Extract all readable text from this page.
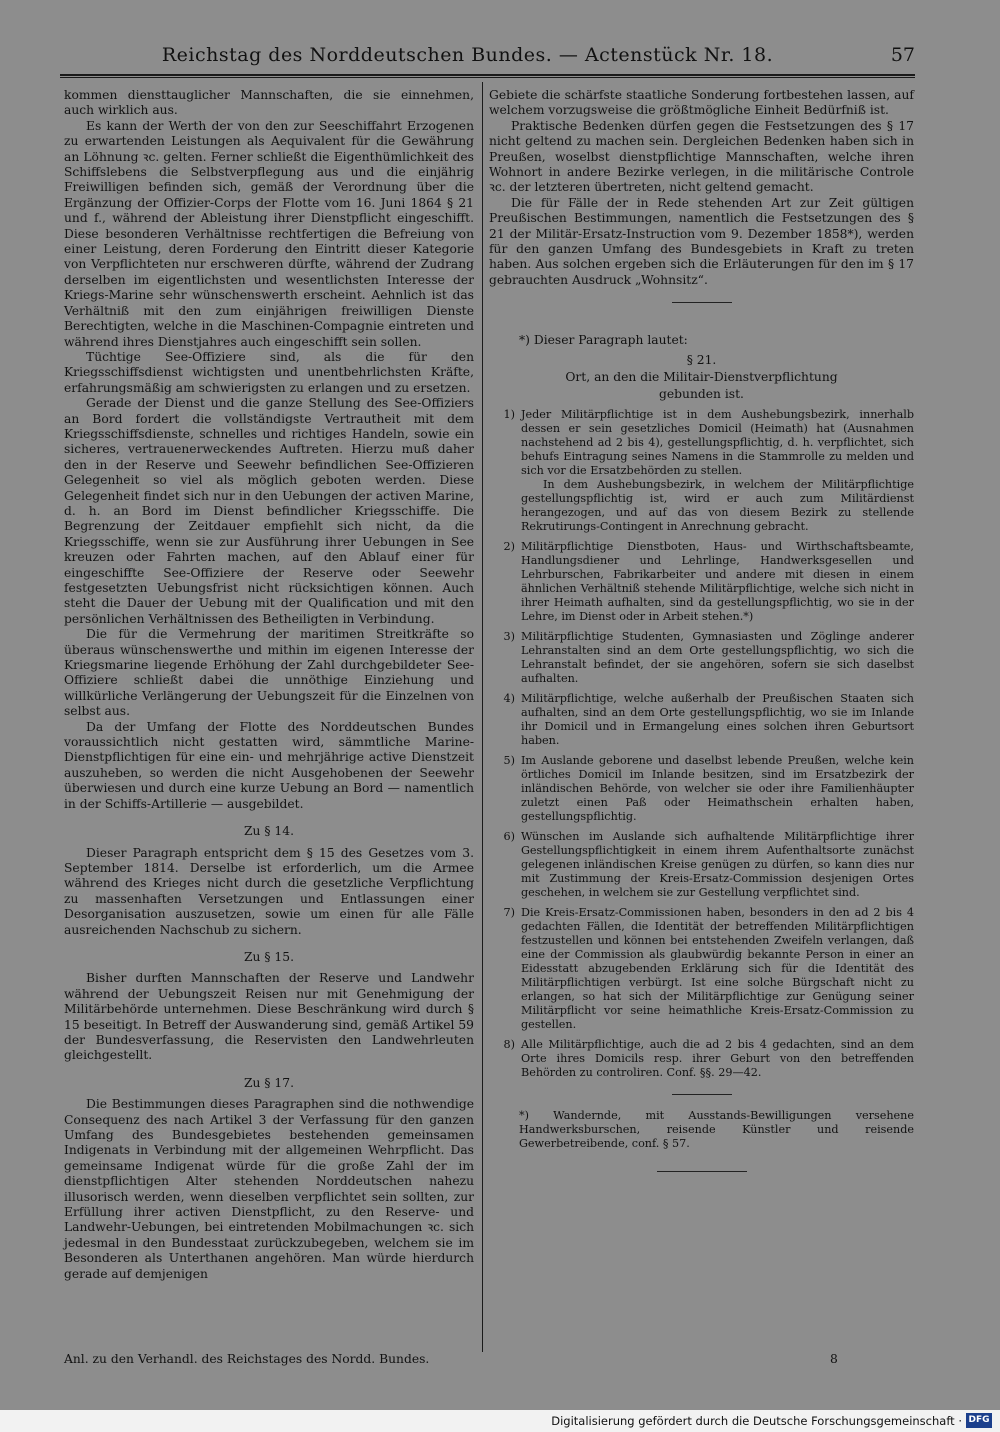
Reichstag des Norddeutschen Bundes. — Actenstück Nr. 18.	57

kommen diensttauglicher Mannschaften, die sie einnehmen, auch wirklich aus.

Es kann der Werth der von den zur Seeschiffahrt Erzogenen zu erwartenden Leistungen als Aequivalent für die Gewährung an Löhnung ꝛc. gelten. Ferner schließt die Eigenthümlichkeit des Schiffslebens die Selbstverpflegung aus und die einjährig Freiwilligen befinden sich, gemäß der Verordnung über die Ergänzung der Offizier-Corps der Flotte vom 16. Juni 1864 § 21 und f., während der Ableistung ihrer Dienstpflicht eingeschifft. Diese besonderen Verhältnisse rechtfertigen die Befreiung von einer Leistung, deren Forderung den Eintritt dieser Kategorie von Verpflichteten nur erschweren dürfte, während der Zudrang derselben im eigentlichsten und wesentlichsten Interesse der Kriegs-Marine sehr wünschenswerth erscheint. Aehnlich ist das Verhältniß mit den zum einjährigen freiwilligen Dienste Berechtigten, welche in die Maschinen-Compagnie eintreten und während ihres Dienstjahres auch eingeschifft sein sollen.

Tüchtige See-Offiziere sind, als die für den Kriegsschiffsdienst wichtigsten und unentbehrlichsten Kräfte, erfahrungsmäßig am schwierigsten zu erlangen und zu ersetzen.

Gerade der Dienst und die ganze Stellung des See-Offiziers an Bord fordert die vollständigste Vertrautheit mit dem Kriegsschiffsdienste, schnelles und richtiges Handeln, sowie ein sicheres, vertrauenerweckendes Auftreten. Hierzu muß daher den in der Reserve und Seewehr befindlichen See-Offizieren Gelegenheit so viel als möglich geboten werden. Diese Gelegenheit findet sich nur in den Uebungen der activen Marine, d. h. an Bord im Dienst befindlicher Kriegsschiffe. Die Begrenzung der Zeitdauer empfiehlt sich nicht, da die Kriegsschiffe, wenn sie zur Ausführung ihrer Uebungen in See kreuzen oder Fahrten machen, auf den Ablauf einer für eingeschiffte See-Offiziere der Reserve oder Seewehr festgesetzten Uebungsfrist nicht rücksichtigen können. Auch steht die Dauer der Uebung mit der Qualification und mit den persönlichen Verhältnissen des Betheiligten in Verbindung.

Die für die Vermehrung der maritimen Streitkräfte so überaus wünschenswerthe und mithin im eigenen Interesse der Kriegsmarine liegende Erhöhung der Zahl durchgebildeter See-Offiziere schließt dabei die unnöthige Einziehung und willkürliche Verlängerung der Uebungszeit für die Einzelnen von selbst aus.

Da der Umfang der Flotte des Norddeutschen Bundes voraussichtlich nicht gestatten wird, sämmtliche Marine-Dienstpflichtigen für eine ein- und mehrjährige active Dienstzeit auszuheben, so werden die nicht Ausgehobenen der Seewehr überwiesen und durch eine kurze Uebung an Bord — namentlich in der Schiffs-Artillerie — ausgebildet.

Zu § 14.

Dieser Paragraph entspricht dem § 15 des Gesetzes vom 3. September 1814. Derselbe ist erforderlich, um die Armee während des Krieges nicht durch die gesetzliche Verpflichtung zu massenhaften Versetzungen und Entlassungen einer Desorganisation auszusetzen, sowie um einen für alle Fälle ausreichenden Nachschub zu sichern.

Zu § 15.

Bisher durften Mannschaften der Reserve und Landwehr während der Uebungszeit Reisen nur mit Genehmigung der Militärbehörde unternehmen. Diese Beschränkung wird durch § 15 beseitigt. In Betreff der Auswanderung sind, gemäß Artikel 59 der Bundesverfassung, die Reservisten den Landwehrleuten gleichgestellt.

Zu § 17.

Die Bestimmungen dieses Paragraphen sind die nothwendige Consequenz des nach Artikel 3 der Verfassung für den ganzen Umfang des Bundesgebietes bestehenden gemeinsamen Indigenats in Verbindung mit der allgemeinen Wehrpflicht. Das gemeinsame Indigenat würde für die große Zahl der im dienstpflichtigen Alter stehenden Norddeutschen nahezu illusorisch werden, wenn dieselben verpflichtet sein sollten, zur Erfüllung ihrer activen Dienstpflicht, zu den Reserve- und Landwehr-Uebungen, bei eintretenden Mobilmachungen ꝛc. sich jedesmal in den Bundesstaat zurückzubegeben, welchem sie im Besonderen als Unterthanen angehören. Man würde hierdurch gerade auf demjenigen

Gebiete die schärfste staatliche Sonderung fortbestehen lassen, auf welchem vorzugsweise die größtmögliche Einheit Bedürfniß ist.

Praktische Bedenken dürfen gegen die Festsetzungen des § 17 nicht geltend zu machen sein. Dergleichen Bedenken haben sich in Preußen, woselbst dienstpflichtige Mannschaften, welche ihren Wohnort in andere Bezirke verlegen, in die militärische Controle ꝛc. der letzteren übertreten, nicht geltend gemacht.

Die für Fälle der in Rede stehenden Art zur Zeit gültigen Preußischen Bestimmungen, namentlich die Festsetzungen des § 21 der Militär-Ersatz-Instruction vom 9. Dezember 1858*), werden für den ganzen Umfang des Bundesgebiets in Kraft zu treten haben. Aus solchen ergeben sich die Erläuterungen für den im § 17 gebrauchten Ausdruck „Wohnsitz“.

*) Dieser Paragraph lautet:
§ 21.
Ort, an den die Militair-Dienstverpflichtung
gebunden ist.
1) Jeder Militärpflichtige ist in dem Aushebungsbezirk, innerhalb dessen er sein gesetzliches Domicil (Heimath) hat (Ausnahmen nachstehend ad 2 bis 4), gestellungspflichtig, d. h. verpflichtet, sich behufs Eintragung seines Namens in die Stammrolle zu melden und sich vor die Ersatzbehörden zu stellen.
In dem Aushebungsbezirk, in welchem der Militärpflichtige gestellungspflichtig ist, wird er auch zum Militärdienst herangezogen, und auf das von diesem Bezirk zu stellende Rekrutirungs-Contingent in Anrechnung gebracht.
2) Militärpflichtige Dienstboten, Haus- und Wirthschaftsbeamte, Handlungsdiener und Lehrlinge, Handwerksgesellen und Lehrburschen, Fabrikarbeiter und andere mit diesen in einem ähnlichen Verhältniß stehende Militärpflichtige, welche sich nicht in ihrer Heimath aufhalten, sind da gestellungspflichtig, wo sie in der Lehre, im Dienst oder in Arbeit stehen.*)
3) Militärpflichtige Studenten, Gymnasiasten und Zöglinge anderer Lehranstalten sind an dem Orte gestellungspflichtig, wo sich die Lehranstalt befindet, der sie angehören, sofern sie sich daselbst aufhalten.
4) Militärpflichtige, welche außerhalb der Preußischen Staaten sich aufhalten, sind an dem Orte gestellungspflichtig, wo sie im Inlande ihr Domicil und in Ermangelung eines solchen ihren Geburtsort haben.
5) Im Auslande geborene und daselbst lebende Preußen, welche kein örtliches Domicil im Inlande besitzen, sind im Ersatzbezirk der inländischen Behörde, von welcher sie oder ihre Familienhäupter zuletzt einen Paß oder Heimathschein erhalten haben, gestellungspflichtig.
6) Wünschen im Auslande sich aufhaltende Militärpflichtige ihrer Gestellungspflichtigkeit in einem ihrem Aufenthaltsorte zunächst gelegenen inländischen Kreise genügen zu dürfen, so kann dies nur mit Zustimmung der Kreis-Ersatz-Commission desjenigen Ortes geschehen, in welchem sie zur Gestellung verpflichtet sind.
7) Die Kreis-Ersatz-Commissionen haben, besonders in den ad 2 bis 4 gedachten Fällen, die Identität der betreffenden Militärpflichtigen festzustellen und können bei entstehenden Zweifeln verlangen, daß eine der Commission als glaubwürdig bekannte Person in einer an Eidesstatt abzugebenden Erklärung sich für die Identität des Militärpflichtigen verbürgt. Ist eine solche Bürgschaft nicht zu erlangen, so hat sich der Militärpflichtige zur Genügung seiner Militärpflicht vor seine heimathliche Kreis-Ersatz-Commission zu gestellen.
8) Alle Militärpflichtige, auch die ad 2 bis 4 gedachten, sind an dem Orte ihres Domicils resp. ihrer Geburt von den betreffenden Behörden zu controliren. Conf. §§. 29—42.
*) Wandernde, mit Ausstands-Bewilligungen versehene Handwerksburschen, reisende Künstler und reisende Gewerbetreibende, conf. § 57.
Anl. zu den Verhandl. des Reichstages des Nordd. Bundes.	8
Digitalisierung gefördert durch die Deutsche Forschungsgemeinschaft · DFG
